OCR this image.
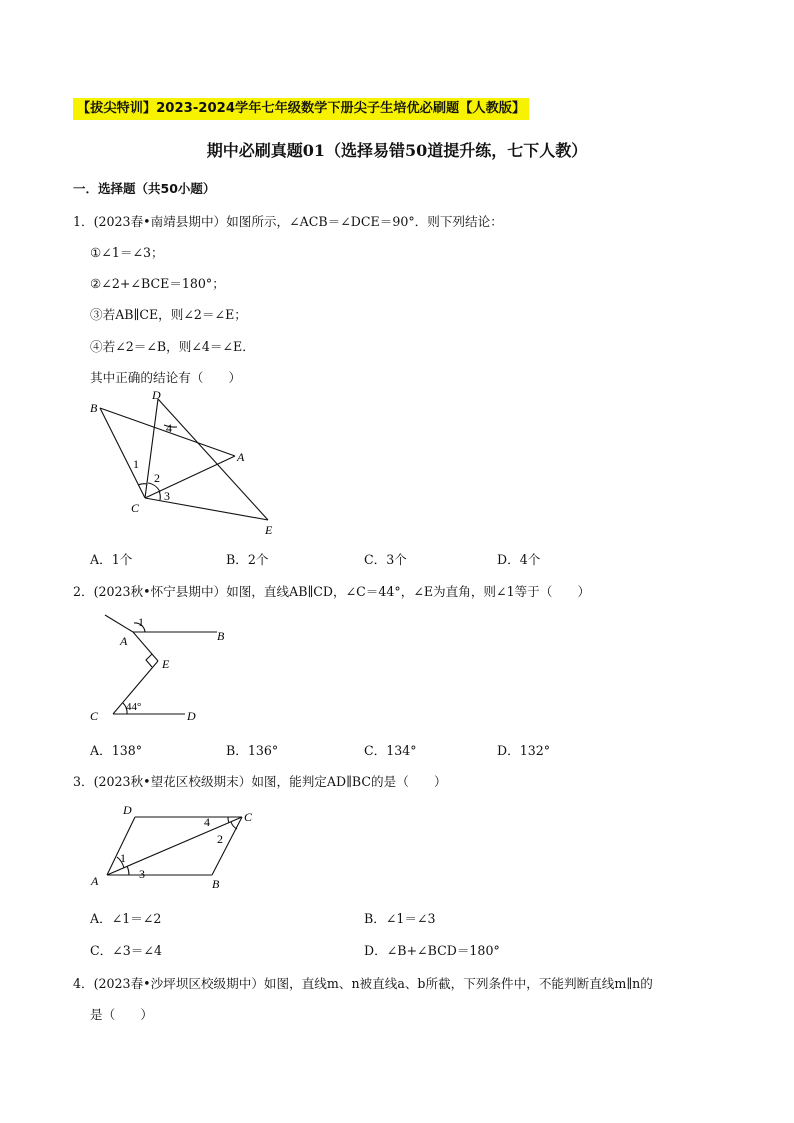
【拔尖特训】2023-2024学年七年级数学下册尖子生培优必刷题【人教版】
期中必刷真题01（选择易错50道提升练，七下人教）
一．选择题（共50小题）
1．(2023春•南靖县期中）如图所示，∠ACB＝∠DCE＝90°．则下列结论：
①∠1＝∠3；
②∠2+∠BCE＝180°；
③若AB∥CE，则∠2＝∠E；
④若∠2＝∠B，则∠4＝∠E．
其中正确的结论有（　　）
B
D
A
C
E
1
2
3
4
A．1个	B．2个	C．3个	D．4个
2．(2023秋•怀宁县期中）如图，直线AB∥CD，∠C＝44°，∠E为直角，则∠1等于（　　）
1
A	B
E
C	D
44°
A．138°	B．136°	C．134°	D．132°
3．(2023秋•望花区校级期末）如图，能判定AD∥BC的是（　　）
D	C
A	B
4
1
2
3
A．∠1＝∠2	B．∠1＝∠3
C．∠3＝∠4	D．∠B+∠BCD＝180°
4．(2023春•沙坪坝区校级期中）如图，直线m、n被直线a、b所截，下列条件中，不能判断直线m∥n的
是（　　）
